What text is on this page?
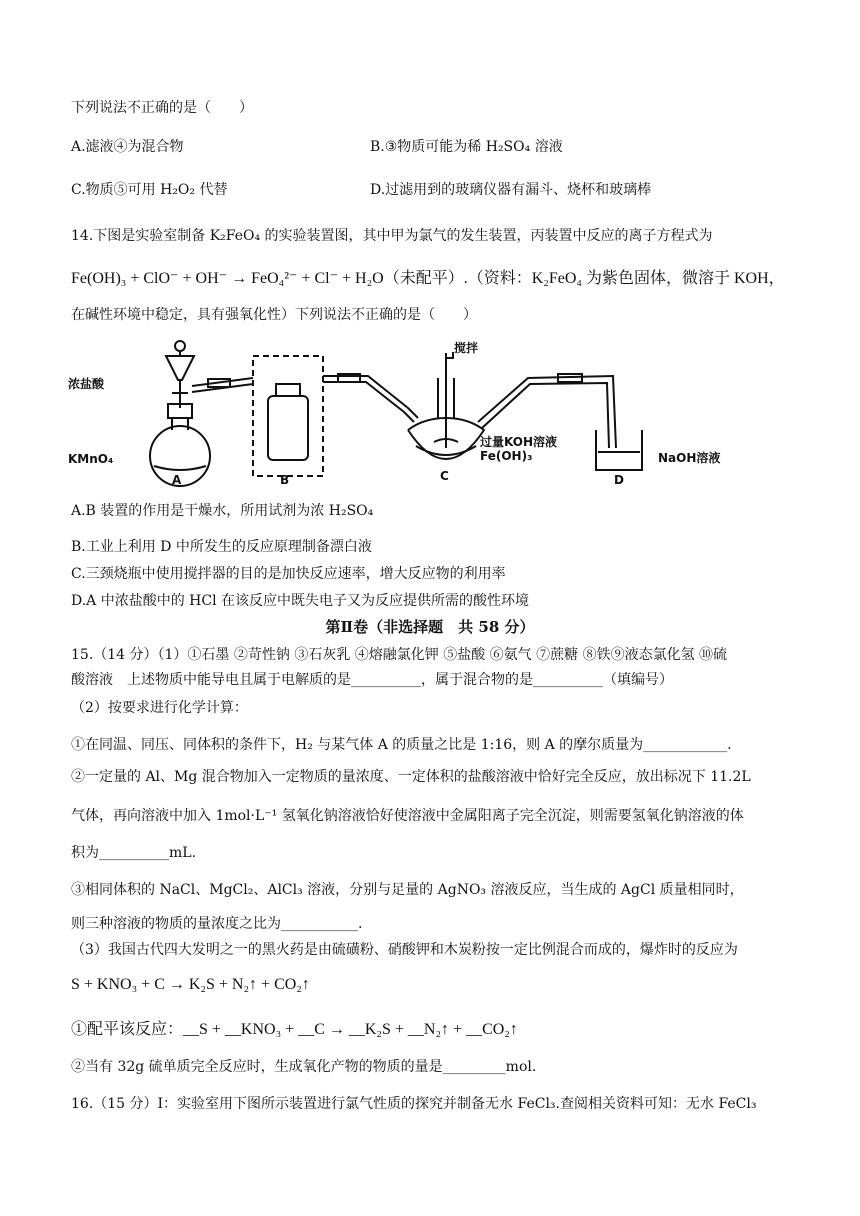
下列说法不正确的是（　　）
A.滤液④为混合物	B.③物质可能为稀 H₂SO₄ 溶液
C.物质⑤可用 H₂O₂ 代替	D.过滤用到的玻璃仪器有漏斗、烧杯和玻璃棒
14.下图是实验室制备 K₂FeO₄ 的实验装置图，其中甲为氯气的发生装置，丙装置中反应的离子方程式为
Fe(OH)₃ + ClO⁻ + OH⁻ → FeO₄²⁻ + Cl⁻ + H₂O（未配平）.（资料：K₂FeO₄ 为紫色固体，微溶于 KOH，
在碱性环境中稳定，具有强氧化性）下列说法不正确的是（　　）
浓盐酸
KMnO₄
A	B
搅拌
过量KOH溶液
Fe(OH)₃
C	D
NaOH溶液
A.B 装置的作用是干燥水，所用试剂为浓 H₂SO₄
B.工业上利用 D 中所发生的反应原理制备漂白液
C.三颈烧瓶中使用搅拌器的目的是加快反应速率，增大反应物的利用率
D.A 中浓盐酸中的 HCl 在该反应中既失电子又为反应提供所需的酸性环境
第Ⅱ卷（非选择题　共 58 分）
15.（14 分）（1）①石墨 ②苛性钠 ③石灰乳 ④熔融氯化钾 ⑤盐酸 ⑥氨气 ⑦蔗糖 ⑧铁⑨液态氯化氢 ⑩硫
酸溶液　上述物质中能导电且属于电解质的是__________，属于混合物的是__________（填编号）
（2）按要求进行化学计算：
①在同温、同压、同体积的条件下，H₂ 与某气体 A 的质量之比是 1:16，则 A 的摩尔质量为____________.
②一定量的 Al、Mg 混合物加入一定物质的量浓度、一定体积的盐酸溶液中恰好完全反应，放出标况下 11.2L
气体，再向溶液中加入 1mol·L⁻¹ 氢氧化钠溶液恰好使溶液中金属阳离子完全沉淀，则需要氢氧化钠溶液的体
积为__________mL.
③相同体积的 NaCl、MgCl₂、AlCl₃ 溶液，分别与足量的 AgNO₃ 溶液反应，当生成的 AgCl 质量相同时，
则三种溶液的物质的量浓度之比为___________.
（3）我国古代四大发明之一的黑火药是由硫磺粉、硝酸钾和木炭粉按一定比例混合而成的，爆炸时的反应为
S + KNO₃ + C → K₂S + N₂↑ + CO₂↑
①配平该反应：__S + __KNO₃ + __C → __K₂S + __N₂↑ + __CO₂↑
②当有 32g 硫单质完全反应时，生成氧化产物的物质的量是_________mol.
16.（15 分）Ⅰ：实验室用下图所示装置进行氯气性质的探究并制备无水 FeCl₃.查阅相关资料可知：无水 FeCl₃
